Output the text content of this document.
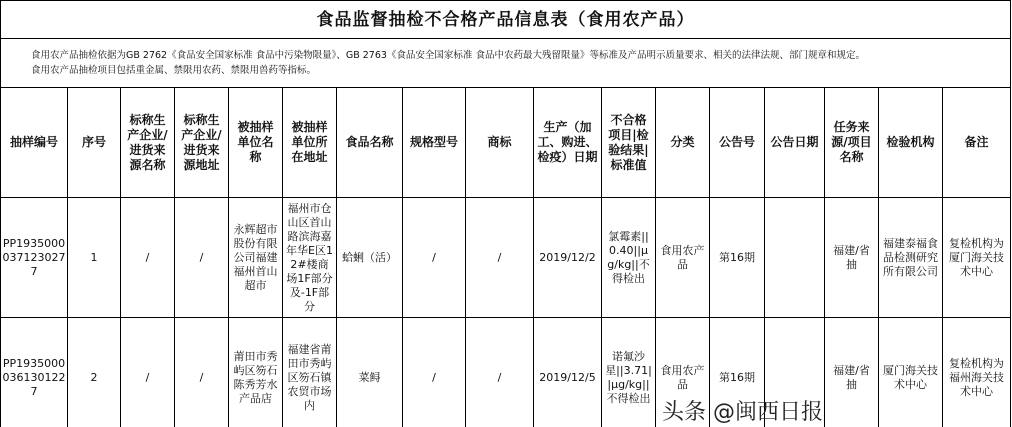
食品监督抽检不合格产品信息表（食用农产品）																

食用农产品抽检依据为GB 2762《食品安全国家标准 食品中污染物限量》、GB 2763《食品安全国家标准 食品中农药最大残留限量》等标准及产品明示质量要求、相关的法律法规、部门规章和规定。
食用农产品抽检项目包括重金属、禁限用农药、禁限用兽药等指标。																

抽样编号	序号	标称生产企业/进货来源名称	标称生产企业/进货来源地址	被抽样单位名称	被抽样单位所在地址	食品名称	规格型号	商标	生产（加工、购进、检疫）日期	不合格项目|检验结果|标准值	分类	公告号	公告日期	任务来源/项目名称	检验机构	备注
PP19350000371230277	1	/	/	永辉超市股份有限公司福建福州首山超市	福州市仓山区首山路滨海嘉年华E区12#楼商场1F部分及-1F部分	蛤蜊（活）	/	/	2019/12/2	氯霉素||0.40||μg/kg||不得检出	食用农产品	第16期		福建/省抽	福建泰福食品检测研究所有限公司	复检机构为厦门海关技术中心
PP19350000361301227	2	/	/	莆田市秀屿区笏石陈秀芳水产品店	福建省莆田市秀屿区笏石镇农贸市场内	菜鲟	/	/	2019/12/5	诺氟沙星||3.71||μg/kg||不得检出	食用农产品	第16期		福建/省抽	厦门海关技术中心	复检机构为福州海关技术中心
头条 @闽西日报
